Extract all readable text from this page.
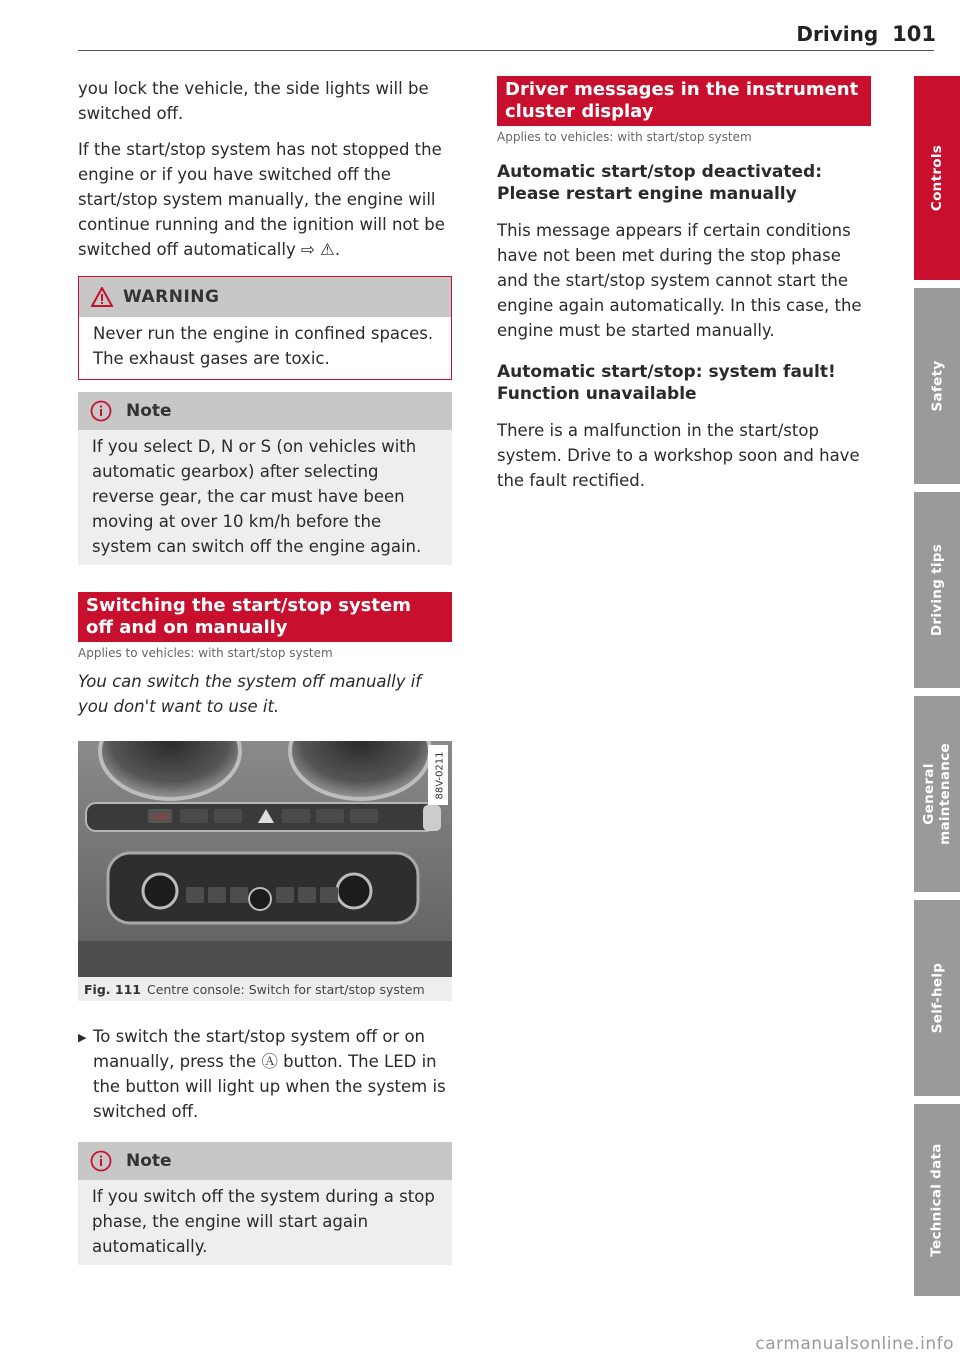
Driving 101

you lock the vehicle, the side lights will be switched off.

If the start/stop system has not stopped the engine or if you have switched off the start/stop system manually, the engine will continue running and the ignition will not be switched off automatically ⇨ ⚠.

WARNING
Never run the engine in confined spaces. The exhaust gases are toxic.
Note
If you select D, N or S (on vehicles with automatic gearbox) after selecting reverse gear, the car must have been moving at over 10 km/h before the system can switch off the engine again.
Switching the start/stop system off and on manually
Applies to vehicles: with start/stop system
You can switch the system off manually if you don't want to use it.
ⒶOFF
88V-0211
Fig. 111 Centre console: Switch for start/stop system
▶ To switch the start/stop system off or on manually, press the Ⓐ button. The LED in the button will light up when the system is switched off.
Note
If you switch off the system during a stop phase, the engine will start again automatically.
Driver messages in the instrument cluster display
Applies to vehicles: with start/stop system
Automatic start/stop deactivated: Please restart engine manually

This message appears if certain conditions have not been met during the stop phase and the start/stop system cannot start the engine again automatically. In this case, the engine must be started manually.

Automatic start/stop: system fault! Function unavailable

There is a malfunction in the start/stop system. Drive to a workshop soon and have the fault rectified.

Controls
Safety
Driving tips
General maintenance
Self-help
Technical data
carmanualsonline.info
